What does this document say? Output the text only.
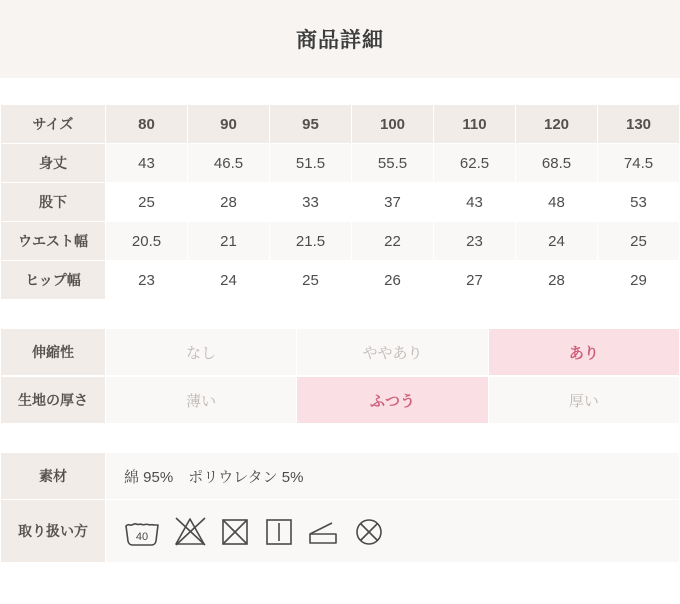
商品詳細
サイズ	80	90	95	100	110	120	130
身丈	43	46.5	51.5	55.5	62.5	68.5	74.5
股下	25	28	33	37	43	48	53
ウエスト幅	20.5	21	21.5	22	23	24	25
ヒップ幅	23	24	25	26	27	28	29
伸縮性	なし	ややあり	あり
生地の厚さ	薄い	ふつう	厚い
素材	綿 95%　ポリウレタン 5%
取り扱い方	40
